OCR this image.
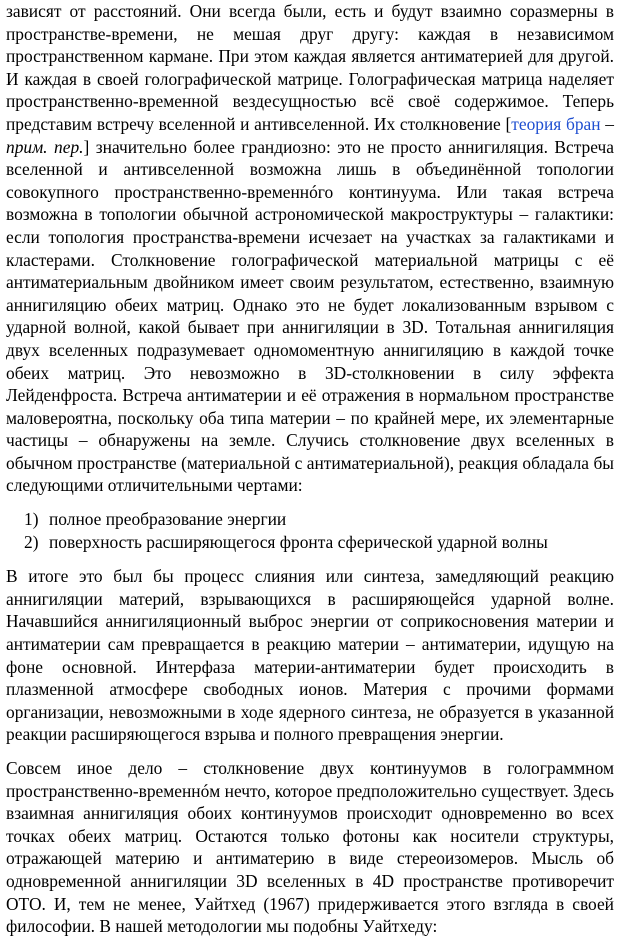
зависят от расстояний. Они всегда были, есть и будут взаимно соразмерны в пространстве-времени, не мешая друг другу: каждая в независимом пространственном кармане. При этом каждая является антиматерией для другой. И каждая в своей голографической матрице. Голографическая матрица наделяет пространственно-временной вездесущностью всё своё содержимое. Теперь представим встречу вселенной и антивселенной. Их столкновение [теория бран – прим. пер.] значительно более грандиозно: это не просто аннигиляция. Встреча вселенной и антивселенной возможна лишь в объединённой топологии совокупного пространственно-временнóго континуума. Или такая встреча возможна в топологии обычной астрономической макроструктуры – галактики: если топология пространства-времени исчезает на участках за галактиками и кластерами. Столкновение голографической материальной матрицы с её антиматериальным двойником имеет своим результатом, естественно, взаимную аннигиляцию обеих матриц. Однако это не будет локализованным взрывом с ударной волной, какой бывает при аннигиляции в 3D. Тотальная аннигиляция двух вселенных подразумевает одномоментную аннигиляцию в каждой точке обеих матриц. Это невозможно в 3D-столкновении в силу эффекта Лейденфроста. Встреча антиматерии и её отражения в нормальном пространстве маловероятна, поскольку оба типа материи – по крайней мере, их элементарные частицы – обнаружены на земле. Случись столкновение двух вселенных в обычном пространстве (материальной с антиматериальной), реакция обладала бы следующими отличительными чертами:

1) полное преобразование энергии
2) поверхность расширяющегося фронта сферической ударной волны

В итоге это был бы процесс слияния или синтеза, замедляющий реакцию аннигиляции материй, взрывающихся в расширяющейся ударной волне. Начавшийся аннигиляционный выброс энергии от соприкосновения материи и антиматерии сам превращается в реакцию материи – антиматерии, идущую на фоне основной. Интерфаза материи-антиматерии будет происходить в плазменной атмосфере свободных ионов. Материя с прочими формами организации, невозможными в ходе ядерного синтеза, не образуется в указанной реакции расширяющегося взрыва и полного превращения энергии.

Совсем иное дело – столкновение двух континуумов в голограммном пространственно-временнóм нечто, которое предположительно существует. Здесь взаимная аннигиляция обоих континуумов происходит одновременно во всех точках обеих матриц. Остаются только фотоны как носители структуры, отражающей материю и антиматерию в виде стереоизомеров. Мысль об одновременной аннигиляции 3D вселенных в 4D пространстве противоречит ОТО. И, тем не менее, Уайтхед (1967) придерживается этого взгляда в своей философии. В нашей методологии мы подобны Уайтхеду:
